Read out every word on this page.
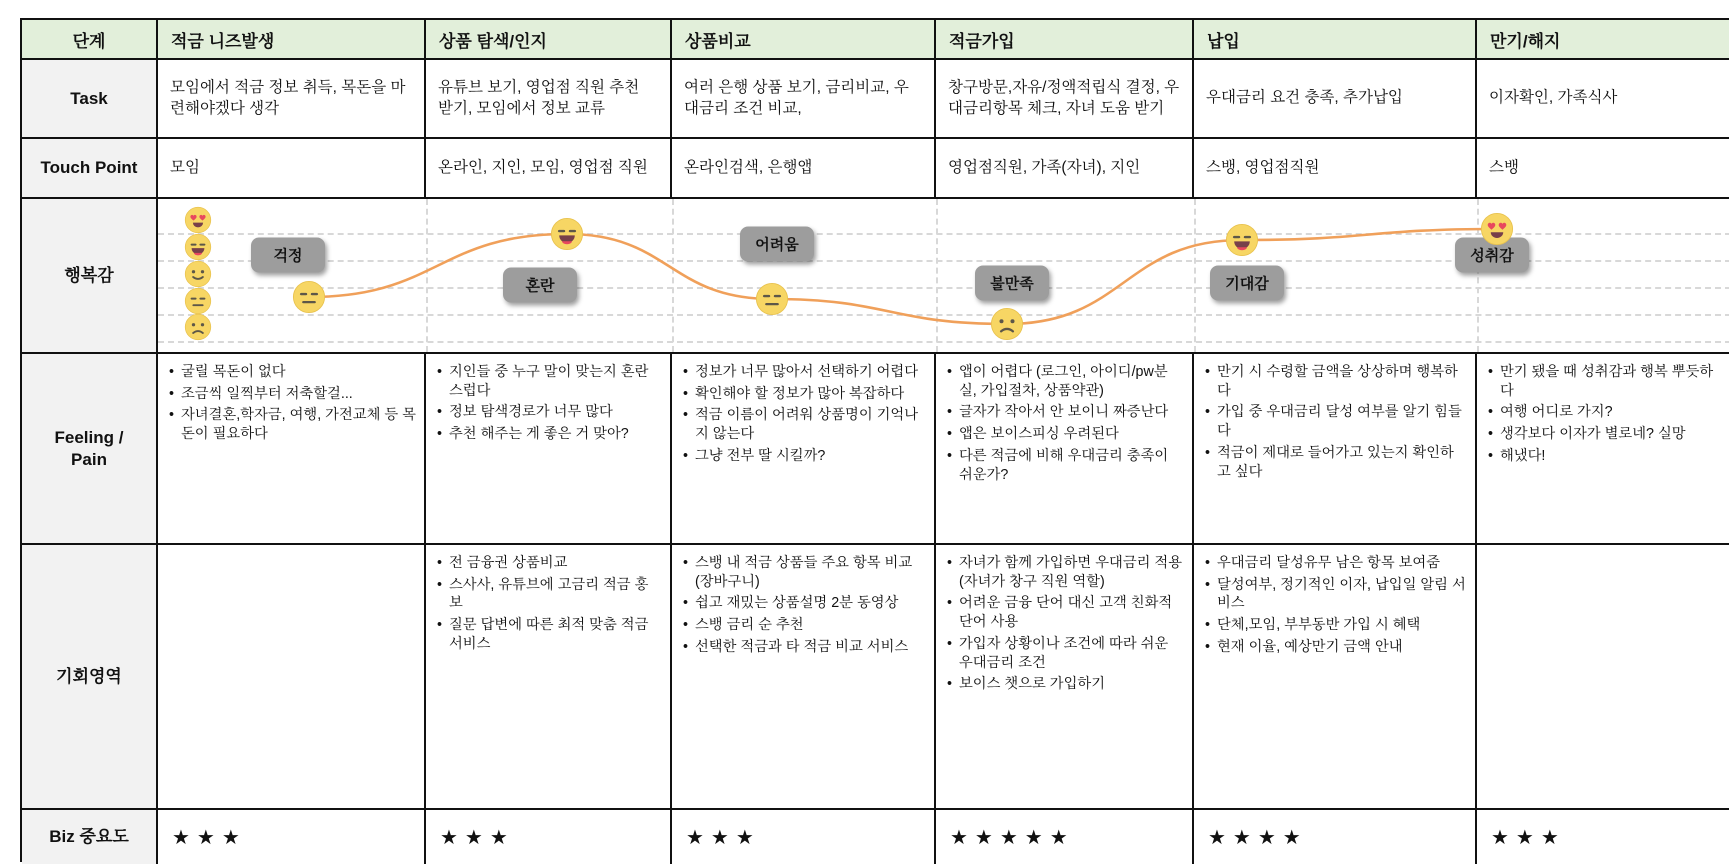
단계
Task
Touch Point
행복감
Feeling / Pain
기회영역
Biz 중요도
걱정
혼란
어려움
불만족	기대감
성취감
적금 니즈발생
모임에서 적금 정보 취득, 목돈을 마련해야겠다 생각
모임
• 굴릴 목돈이 없다
• 조금씩 일찍부터 저축할걸...
• 자녀결혼,학자금, 여행, 가전교체 등 목돈이 필요하다
★★★
상품 탐색/인지
유튜브 보기, 영업점 직원 추천 받기, 모임에서 정보 교류
온라인, 지인, 모임, 영업점 직원
• 지인들 중 누구 말이 맞는지 혼란스럽다
• 정보 탐색경로가 너무 많다
• 추천 해주는 게 좋은 거 맞아?
• 전 금융권 상품비교
• 스사사, 유튜브에 고금리 적금 홍보
• 질문 답변에 따른 최적 맞춤 적금 서비스
★★★
상품비교
여러 은행 상품 보기, 금리비교, 우대금리 조건 비교,
온라인검색, 은행앱
• 정보가 너무 많아서 선택하기 어렵다
• 확인해야 할 정보가 많아 복잡하다
• 적금 이름이 어려워 상품명이 기억나지 않는다
• 그냥 전부 딸 시킬까?
• 스뱅 내 적금 상품들 주요 항목 비교 (장바구니)
• 쉽고 재밌는 상품설명 2분 동영상
• 스뱅 금리 순 추천
• 선택한 적금과 타 적금 비교 서비스
★★★
적금가입
창구방문,자유/정액적립식 결정, 우대금리항목 체크, 자녀 도움 받기
영업점직원, 가족(자녀), 지인
• 앱이 어렵다 (로그인, 아이디/pw분실, 가입절차, 상품약관)
• 글자가 작아서 안 보이니 짜증난다
• 앱은 보이스피싱 우려된다
• 다른 적금에 비해 우대금리 충족이 쉬운가?
• 자녀가 함께 가입하면 우대금리 적용 (자녀가 창구 직원 역할)
• 어려운 금융 단어 대신 고객 친화적 단어 사용
• 가입자 상황이나 조건에 따라 쉬운 우대금리 조건
• 보이스 챗으로 가입하기
★★★★★
납입
우대금리 요건 충족, 추가납입
스뱅, 영업점직원
• 만기 시 수령할 금액을 상상하며 행복하다
• 가입 중 우대금리 달성 여부를 알기 힘들다
• 적금이 제대로 들어가고 있는지 확인하고 싶다
• 우대금리 달성유무 남은 항목 보여줌
• 달성여부, 정기적인 이자, 납입일 알림 서비스
• 단체,모임, 부부동반 가입 시 혜택
• 현재 이율, 예상만기 금액 안내
★★★★
만기/해지
이자확인, 가족식사
스뱅
• 만기 됐을 때 성취감과 행복 뿌듯하다
• 여행 어디로 가지?
• 생각보다 이자가 별로네? 실망
• 해냈다!
★★★
